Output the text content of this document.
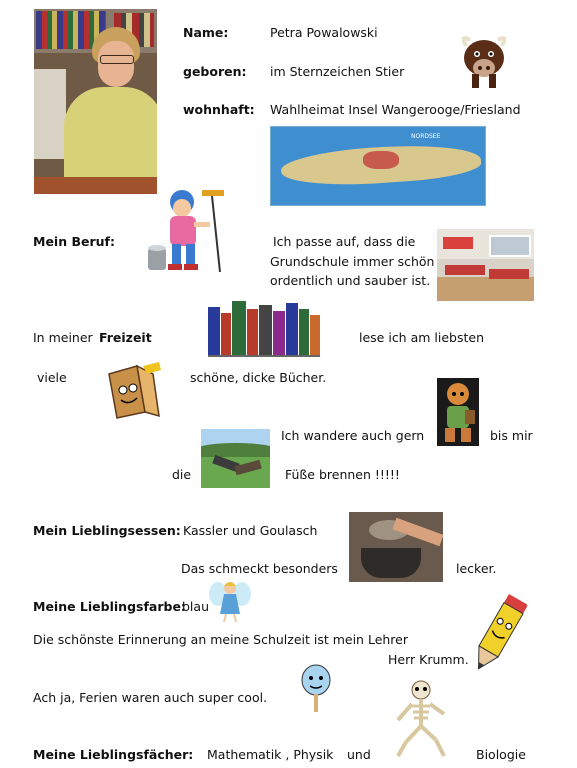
Name:	Petra Powalowski
geboren: im Sternzeichen Stier
wohnhaft: Wahlheimat Insel Wangerooge/Friesland
NORDSEE
Mein Beruf:	Ich passe auf, dass die
Grundschule immer schön
ordentlich und sauber ist.
In meiner Freizeit	lese ich am liebsten
viele	schöne, dicke Bücher.
Ich wandere auch gern	bis mir
die	Füße brennen !!!!!
Mein Lieblingsessen: Kassler und Goulasch
Das schmeckt besonders	lecker.
Meine Lieblingsfarbe:
blau
Die schönste Erinnerung an meine Schulzeit ist mein Lehrer
Herr Krumm.
Ach ja, Ferien waren auch super cool.
Meine Lieblingsfächer: Mathematik , Physik und	Biologie
